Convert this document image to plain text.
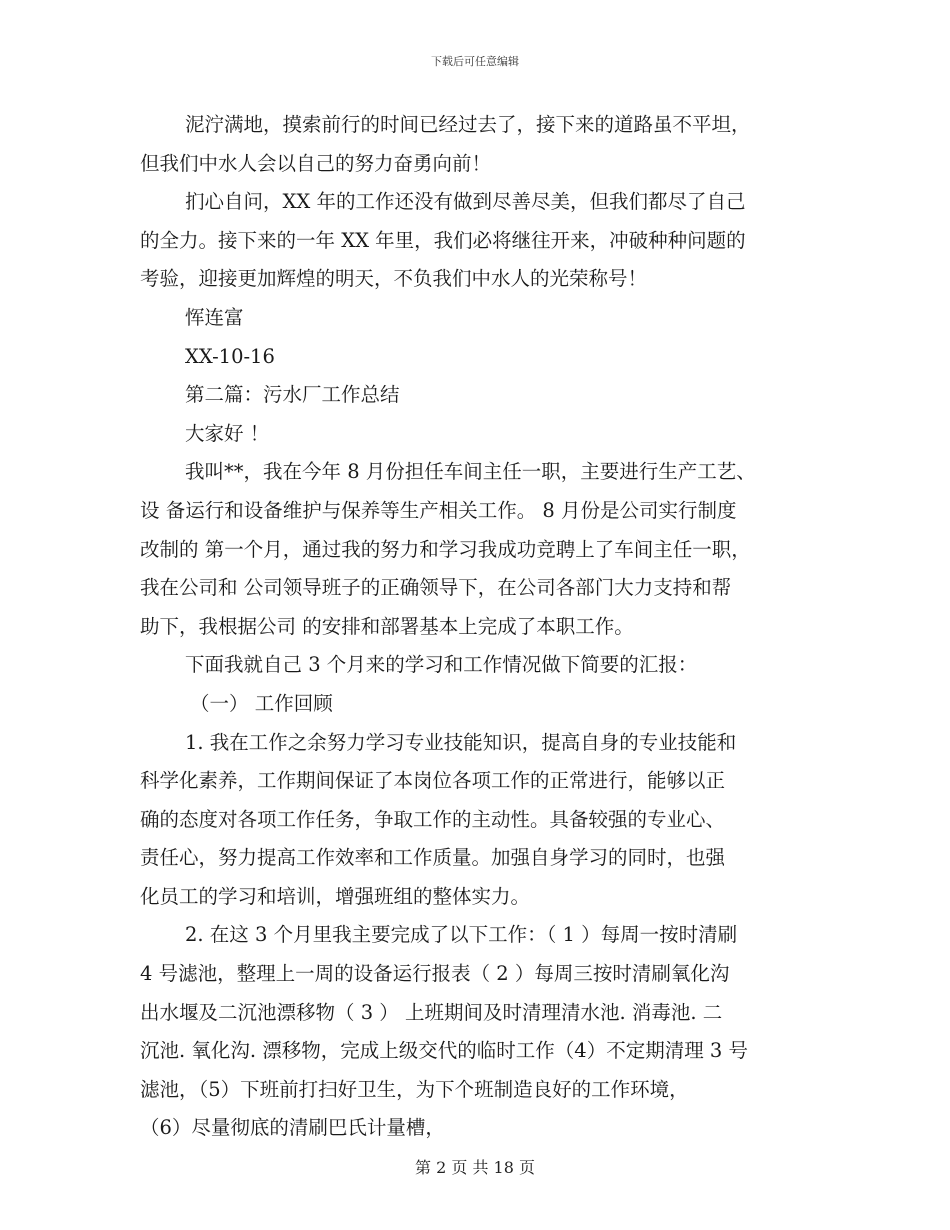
下载后可任意编辑
泥泞满地，摸索前行的时间已经过去了，接下来的道路虽不平坦，
但我们中水人会以自己的努力奋勇向前！
扪心自问，XX 年的工作还没有做到尽善尽美，但我们都尽了自己
的全力。接下来的一年 XX 年里，我们必将继往开来，冲破种种问题的
考验，迎接更加辉煌的明天，不负我们中水人的光荣称号！
恽连富
XX-10-16
第二篇：污水厂工作总结
大家好 ！
我叫**，我在今年 8 月份担任车间主任一职，主要进行生产工艺、
设 备运行和设备维护与保养等生产相关工作。 8 月份是公司实行制度
改制的 第一个月，通过我的努力和学习我成功竞聘上了车间主任一职，
我在公司和 公司领导班子的正确领导下，在公司各部门大力支持和帮
助下，我根据公司 的安排和部署基本上完成了本职工作。
下面我就自己 3 个月来的学习和工作情况做下简要的汇报：
（一） 工作回顾
1. 我在工作之余努力学习专业技能知识，提高自身的专业技能和
科学化素养，工作期间保证了本岗位各项工作的正常进行，能够以正
确的态度对各项工作任务，争取工作的主动性。具备较强的专业心、
责任心，努力提高工作效率和工作质量。加强自身学习的同时，也强
化员工的学习和培训，增强班组的整体实力。
2. 在这 3 个月里我主要完成了以下工作：（ 1 ）每周一按时清刷
4 号滤池，整理上一周的设备运行报表（ 2 ）每周三按时清刷氧化沟
出水堰及二沉池漂移物（ 3 ） 上班期间及时清理清水池. 消毒池. 二
沉池. 氧化沟. 漂移物，完成上级交代的临时工作（4）不定期清理 3 号
滤池，（5）下班前打扫好卫生，为下个班制造良好的工作环境，
（6）尽量彻底的清刷巴氏计量槽，
第 2 页 共 18 页
